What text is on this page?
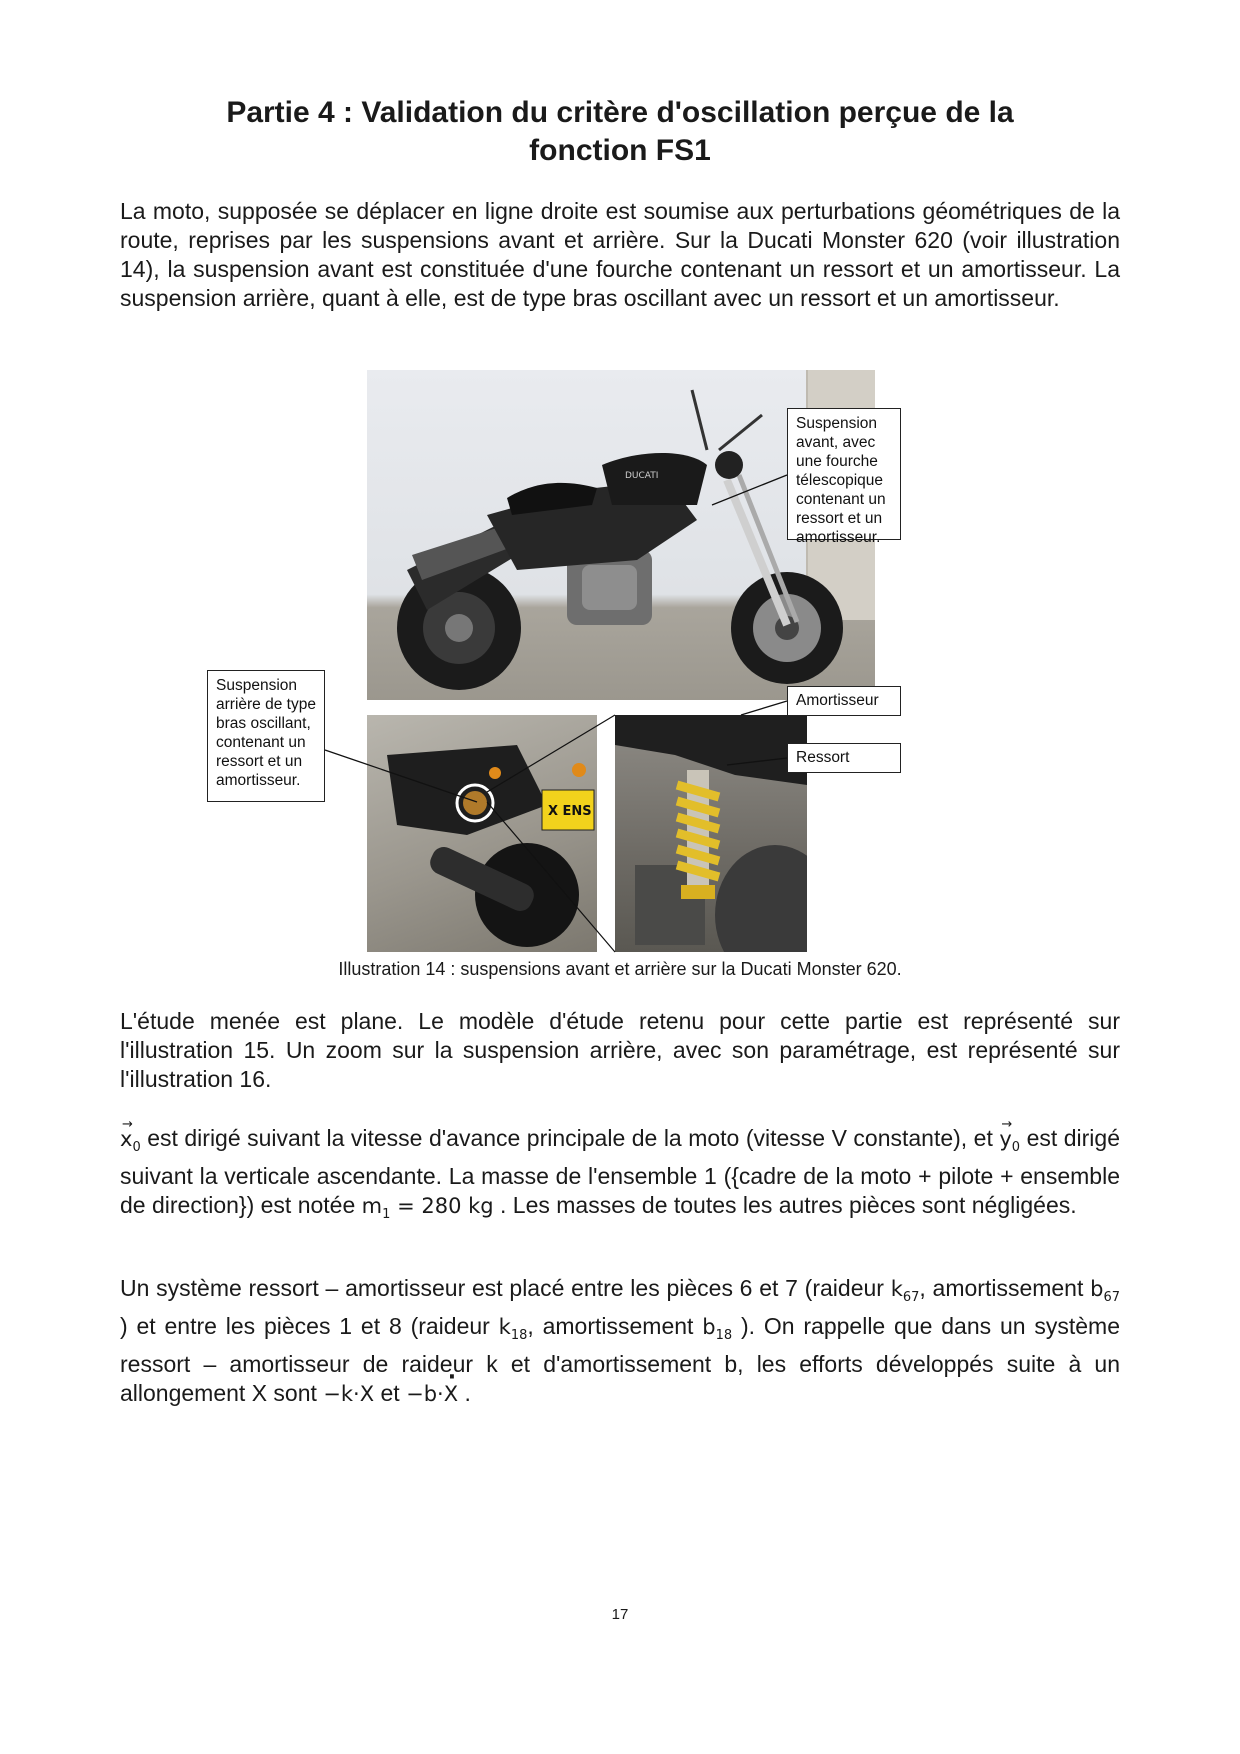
Partie 4 : Validation du critère d'oscillation perçue de la
fonction FS1

La moto, supposée se déplacer en ligne droite est soumise aux perturbations géométriques de la route, reprises par les suspensions avant et arrière. Sur la Ducati Monster 620 (voir illustration 14), la suspension avant est constituée d'une fourche contenant un ressort et un amortisseur. La suspension arrière, quant à elle, est de type bras oscillant avec un ressort et un amortisseur.

DUCATI
X ENS
Suspension avant, avec une fourche télescopique contenant un ressort et un amortisseur.
Suspension arrière de type bras oscillant, contenant un ressort et un amortisseur.
Amortisseur
Ressort
Illustration 14 : suspensions avant et arrière sur la Ducati Monster 620.

L'étude menée est plane. Le modèle d'étude retenu pour cette partie est représenté sur l'illustration 15. Un zoom sur la suspension arrière, avec son paramétrage, est représenté sur l'illustration 16.

→ $x_0$ est dirigé suivant la vitesse d'avance principale de la moto (vitesse V constante), et → $y_0$ est dirigé suivant la verticale ascendante. La masse de l'ensemble 1 ({cadre de la moto + pilote + ensemble de direction}) est notée $m_1 = 280$ kg . Les masses de toutes les autres pièces sont négligées.

Un système ressort – amortisseur est placé entre les pièces 6 et 7 (raideur $k_{67}$, amortissement $b_{67}$ ) et entre les pièces 1 et 8 (raideur $k_{18}$, amortissement $b_{18}$ ). On rappelle que dans un système ressort – amortisseur de raideur k et d'amortissement b, les efforts développés suite à un allongement X sont −k·X et −b·· X .

17
